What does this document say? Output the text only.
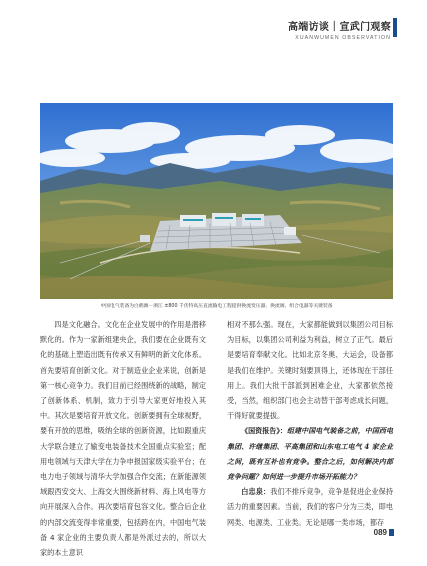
高端访谈｜宣武门观察
XUANWUMEN OBSERVATION
中国电气装备为白鹤滩－浙江 ±800 千伏特高压直流输电工程提供换流变压器、换流阀、组合电器等关键装备

四是文化融合。文化在企业发展中的作用是潜移默化的。作为一家新组建央企，我们要在企业既有文化的基础上塑造出既有传承又有鲜明的新文化体系。首先要培育创新文化。对于制造业企业来说，创新是第一核心竞争力。我们目前已经围绕新的战略，制定了创新体系、机制，致力于引导大家更好地投入其中。其次是要培育开放文化。创新要拥有全球视野，要有开放的思维，吸纳全球的创新资源，比如跟重庆大学联合建立了输变电装备技术全国重点实验室；配用电领域与天津大学在力争申报国家级实验平台；在电力电子领域与清华大学加强合作交流；在新能源领域跟西安交大、上海交大围绕新材料、海上风电等方向开展深入合作。再次要培育包容文化。整合后企业的内部交流变得非常重要，包括跨在内，中国电气装备 4 家企业的主要负责人都是外派过去的，所以大家的本土意识

相对不那么强。现在，大家都能做到以集团公司目标为目标，以集团公司利益为利益，树立了正气。最后是要培育奉献文化。比如北京冬奥、大运会，设备都是我们在维护。关键时刻要顶得上，还体现在干部任用上。我们大批干部派到困难企业，大家都依然接受，当然，组织部门也会主动替干部考虑成长问题，干得好就要提拔。

《国资报告》：组建中国电气装备之前，中国西电集团、许继集团、平高集团和山东电工电气 4 家企业之间，既有互补也有竞争。整合之后，如何解决内部竞争问题？如何进一步提升市场开拓能力？

白忠泉：我们不排斥竞争，竞争是促进企业保持活力的重要因素。当前，我们的客户分为三类，即电网类、电源类、工业类。无论是哪一类市场，都存

089
